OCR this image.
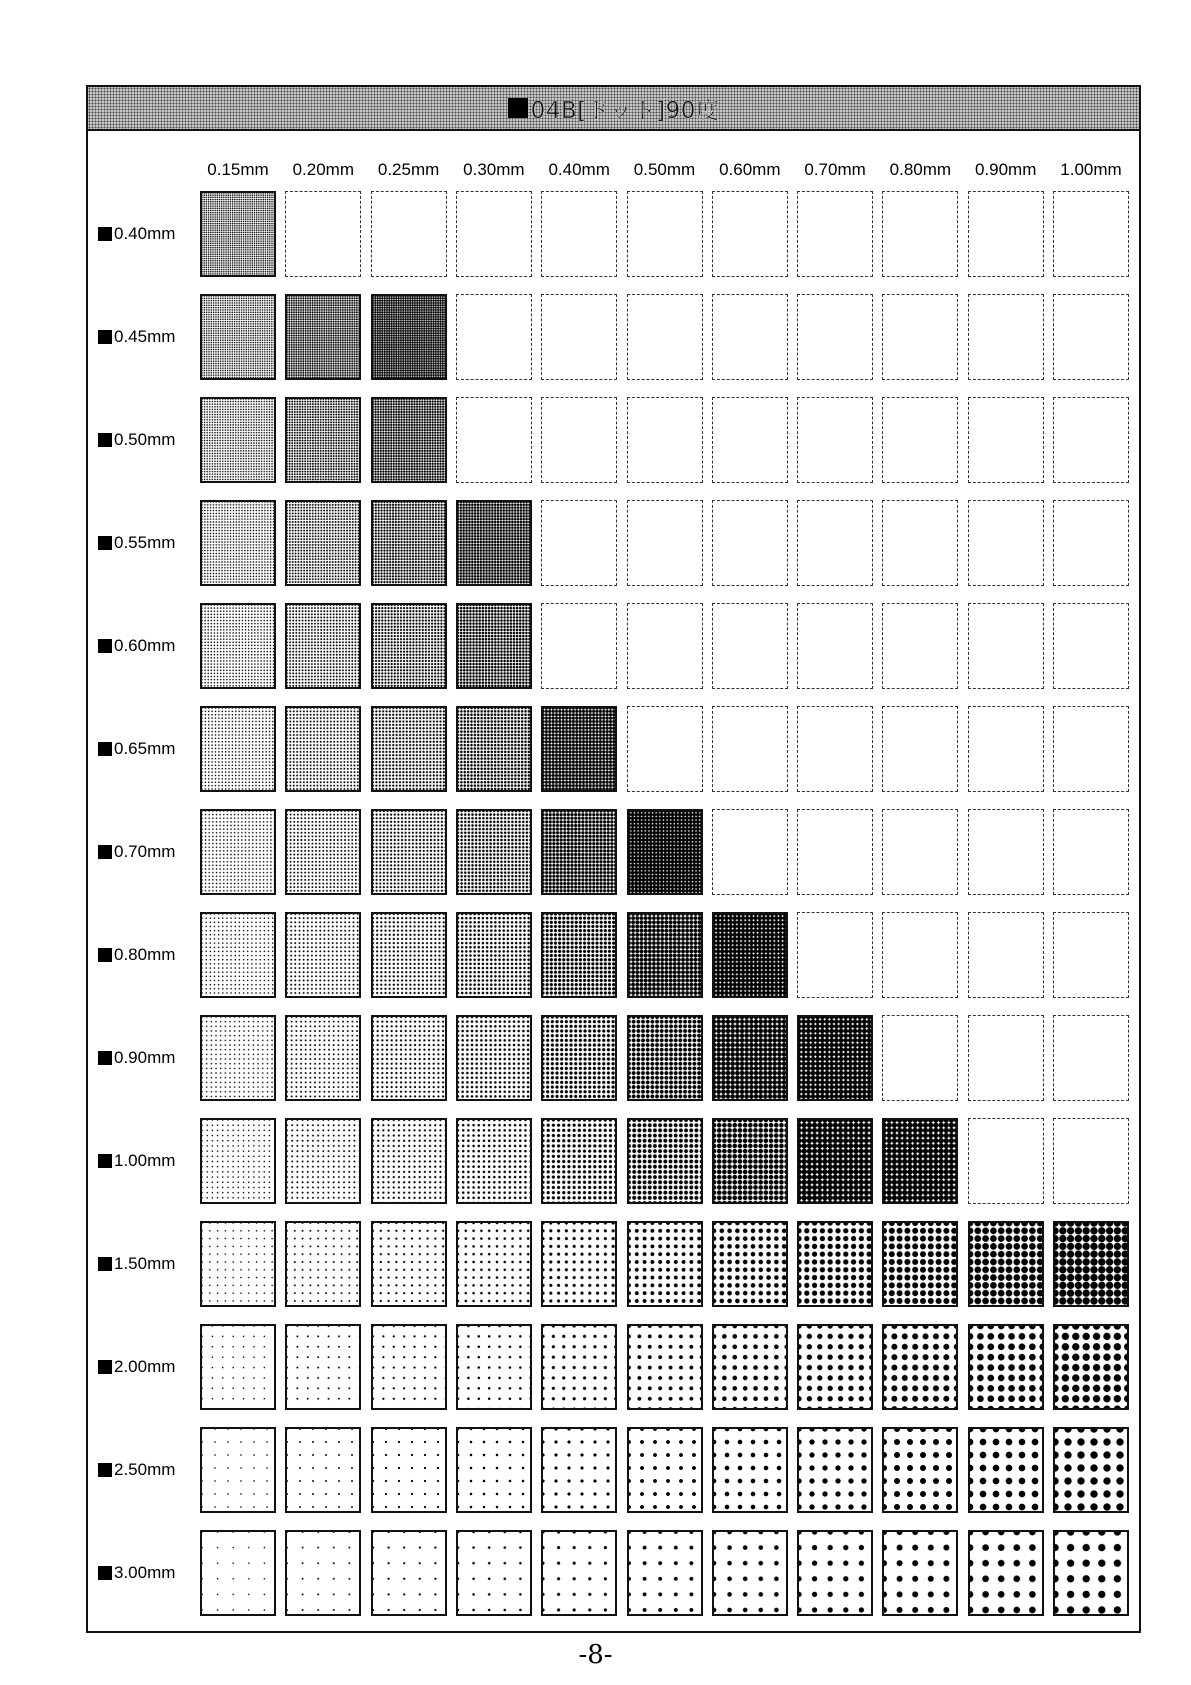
04B[ドット]90度
0.15mm	0.20mm	0.25mm	0.30mm	0.40mm	0.50mm	0.60mm	0.70mm	0.80mm	0.90mm	1.00mm
0.40mm
0.45mm
0.50mm
0.55mm
0.60mm
0.65mm
0.70mm
0.80mm
0.90mm
1.00mm
1.50mm
2.00mm
2.50mm
3.00mm
-8-
